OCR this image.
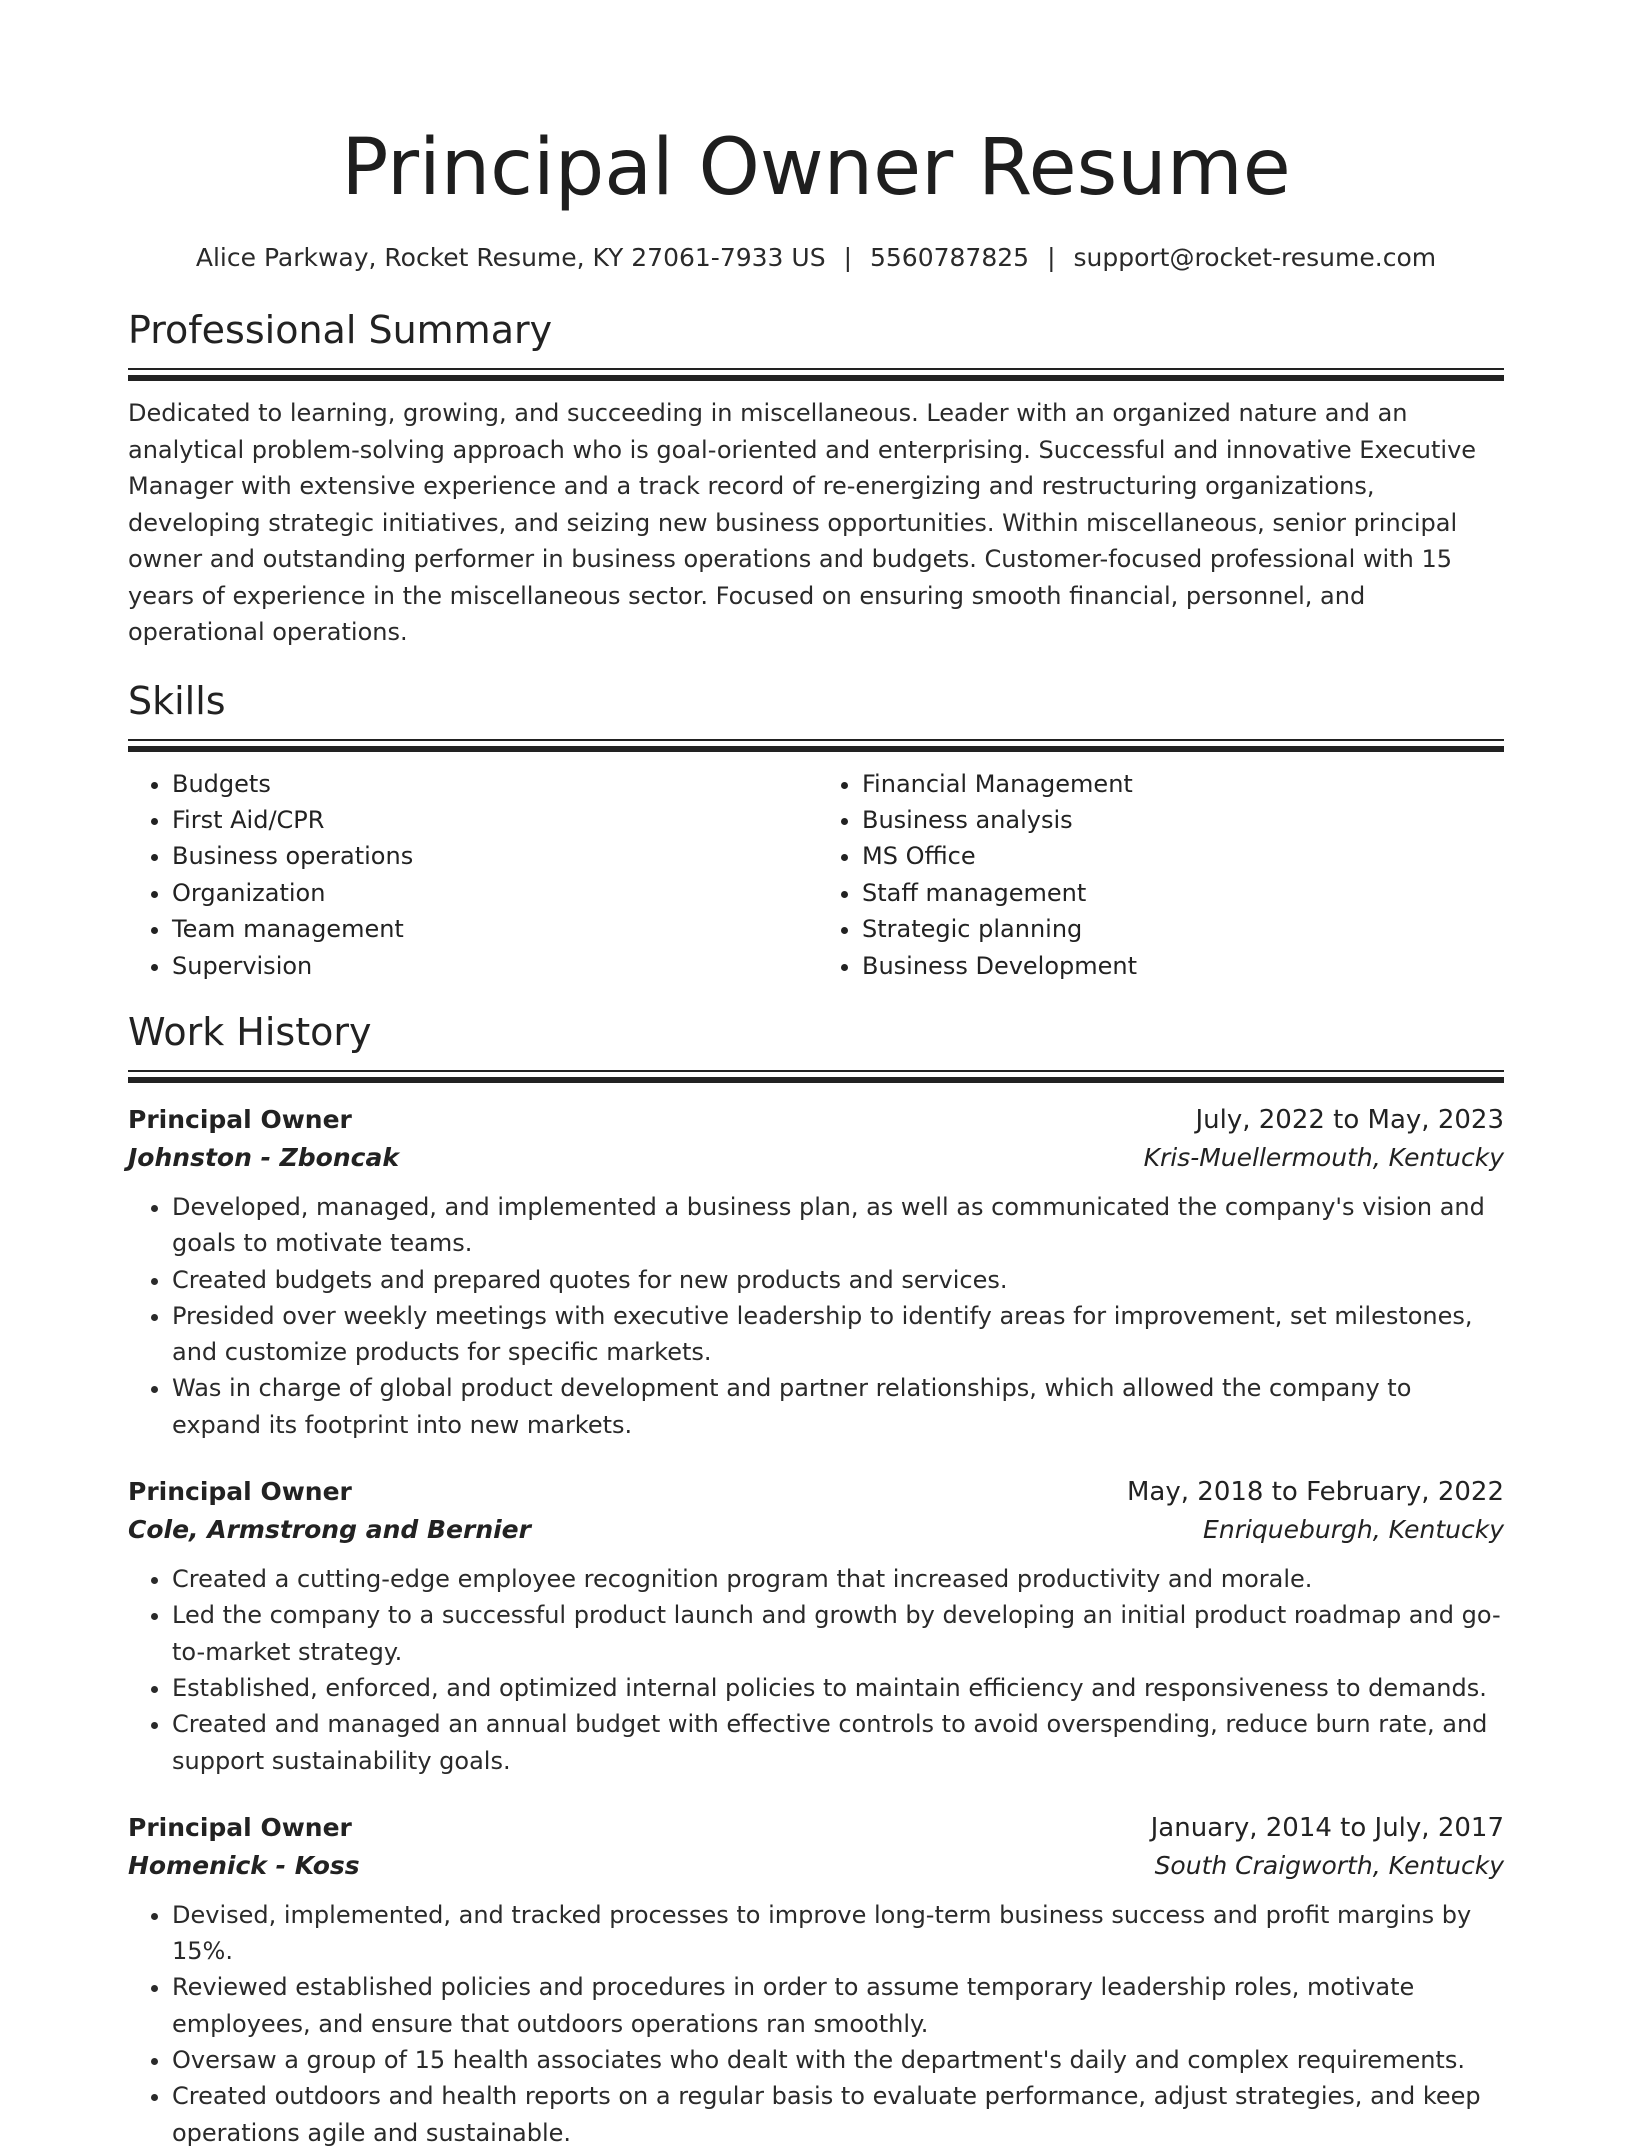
Principal Owner Resume
Alice Parkway, Rocket Resume, KY 27061-7933 US | 5560787825 | support@rocket-resume.com
Professional Summary
Dedicated to learning, growing, and succeeding in miscellaneous. Leader with an organized nature and an analytical problem-solving approach who is goal-oriented and enterprising. Successful and innovative Executive Manager with extensive experience and a track record of re-energizing and restructuring organizations, developing strategic initiatives, and seizing new business opportunities. Within miscellaneous, senior principal owner and outstanding performer in business operations and budgets. Customer-focused professional with 15 years of experience in the miscellaneous sector. Focused on ensuring smooth financial, personnel, and operational operations.
Skills
• Budgets
• First Aid/CPR
• Business operations
• Organization
• Team management
• Supervision
• Financial Management
• Business analysis
• MS Office
• Staff management
• Strategic planning
• Business Development
Work History
Principal Owner	July, 2022 to May, 2023
Johnston - Zboncak	Kris-Muellermouth, Kentucky
• Developed, managed, and implemented a business plan, as well as communicated the company's vision and goals to motivate teams.
• Created budgets and prepared quotes for new products and services.
• Presided over weekly meetings with executive leadership to identify areas for improvement, set milestones, and customize products for specific markets.
• Was in charge of global product development and partner relationships, which allowed the company to expand its footprint into new markets.
Principal Owner	May, 2018 to February, 2022
Cole, Armstrong and Bernier	Enriqueburgh, Kentucky
• Created a cutting-edge employee recognition program that increased productivity and morale.
• Led the company to a successful product launch and growth by developing an initial product roadmap and go-to-market strategy.
• Established, enforced, and optimized internal policies to maintain efficiency and responsiveness to demands.
• Created and managed an annual budget with effective controls to avoid overspending, reduce burn rate, and support sustainability goals.
Principal Owner	January, 2014 to July, 2017
Homenick - Koss	South Craigworth, Kentucky
• Devised, implemented, and tracked processes to improve long-term business success and profit margins by 15%.
• Reviewed established policies and procedures in order to assume temporary leadership roles, motivate employees, and ensure that outdoors operations ran smoothly.
• Oversaw a group of 15 health associates who dealt with the department's daily and complex requirements.
• Created outdoors and health reports on a regular basis to evaluate performance, adjust strategies, and keep operations agile and sustainable.
